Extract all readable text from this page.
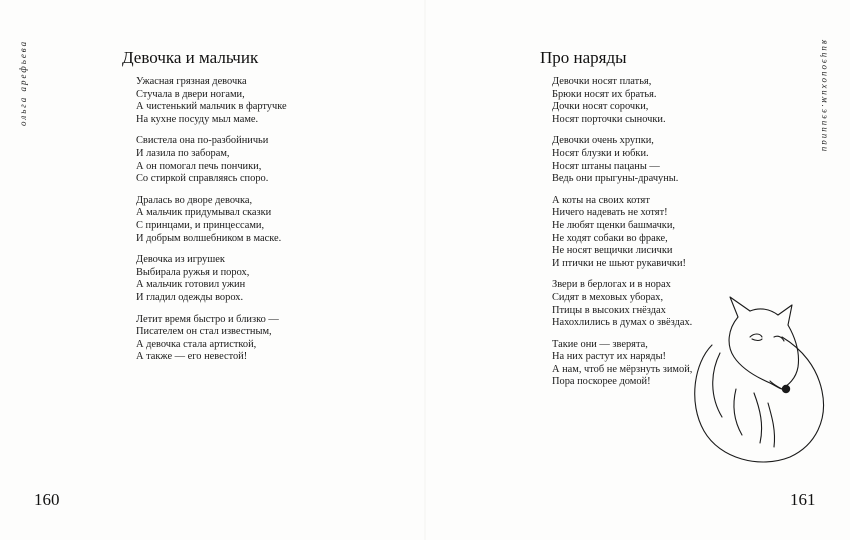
ольга арефьева	яицэоиохим.ээиипаи
Девочка и мальчик	Про наряды

Ужасная грязная девочка
Стучала в двери ногами,
А чистенький мальчик в фартучке
На кухне посуду мыл маме.

Свистела она по-разбойничьи
И лазила по заборам,
А он помогал печь пончики,
Со стиркой справляясь споро.

Дралась во дворе девочка,
А мальчик придумывал сказки
С принцами, и принцессами,
И добрым волшебником в маске.

Девочка из игрушек
Выбирала ружья и порох,
А мальчик готовил ужин
И гладил одежды ворох.

Летит время быстро и близко —
Писателем он стал известным,
А девочка стала артисткой,
А также — его невестой!

Девочки носят платья,
Брюки носят их братья.
Дочки носят сорочки,
Носят порточки сыночки.

Девочки очень хрупки,
Носят блузки и юбки.
Носят штаны пацаны —
Ведь они прыгуны-драчуны.

А коты на своих котят
Ничего надевать не хотят!
Не любят щенки башмачки,
Не ходят собаки во фраке,
Не носят вещички лисички
И птички не шьют рукавички!

Звери в берлогах и в норах
Сидят в меховых уборах,
Птицы в высоких гнёздах
Нахохлились в думах о звёздах.

Такие они — зверята,
На них растут их наряды!
А нам, чтоб не мёрзнуть зимой,
Пора поскорее домой!

160	161
